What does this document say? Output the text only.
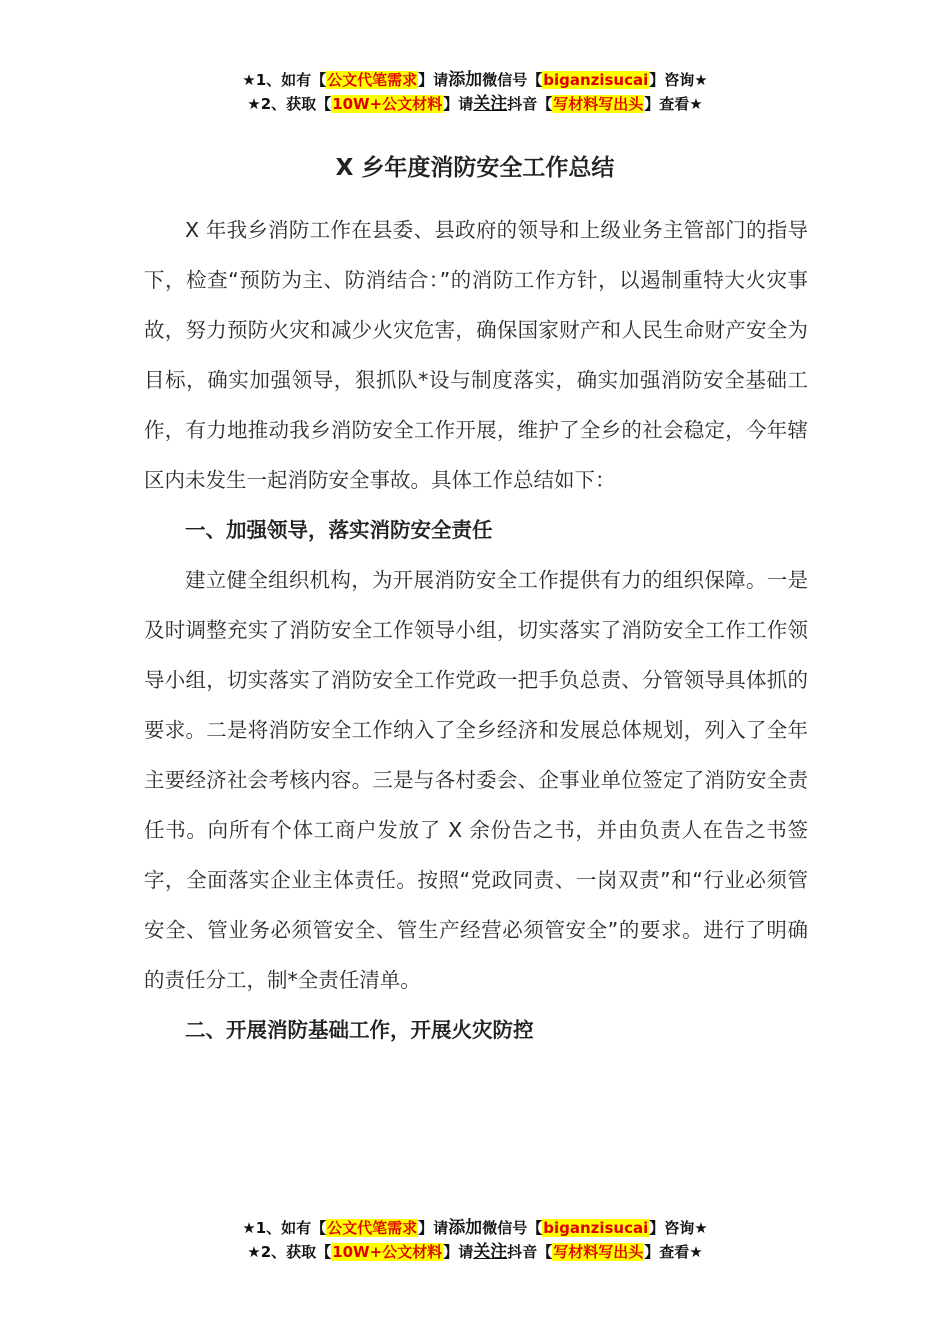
★1、如有【公文代笔需求】请添加微信号【biganzisucai】咨询★
★2、获取【10W+公文材料】请关注抖音【写材料写出头】查看★
X 乡年度消防安全工作总结

X 年我乡消防工作在县委、县政府的领导和上级业务主管部门的指导下，检查“预防为主、防消结合：”的消防工作方针，以遏制重特大火灾事故，努力预防火灾和减少火灾危害，确保国家财产和人民生命财产安全为目标，确实加强领导，狠抓队*设与制度落实，确实加强消防安全基础工作，有力地推动我乡消防安全工作开展，维护了全乡的社会稳定，今年辖区内未发生一起消防安全事故。具体工作总结如下：

一、加强领导，落实消防安全责任

建立健全组织机构，为开展消防安全工作提供有力的组织保障。一是及时调整充实了消防安全工作领导小组，切实落实了消防安全工作工作领导小组，切实落实了消防安全工作党政一把手负总责、分管领导具体抓的要求。二是将消防安全工作纳入了全乡经济和发展总体规划，列入了全年主要经济社会考核内容。三是与各村委会、企事业单位签定了消防安全责任书。向所有个体工商户发放了 X 余份告之书，并由负责人在告之书签字，全面落实企业主体责任。按照“党政同责、一岗双责”和“行业必须管安全、管业务必须管安全、管生产经营必须管安全”的要求。进行了明确的责任分工，制*全责任清单。

二、开展消防基础工作，开展火灾防控
★1、如有【公文代笔需求】请添加微信号【biganzisucai】咨询★
★2、获取【10W+公文材料】请关注抖音【写材料写出头】查看★
